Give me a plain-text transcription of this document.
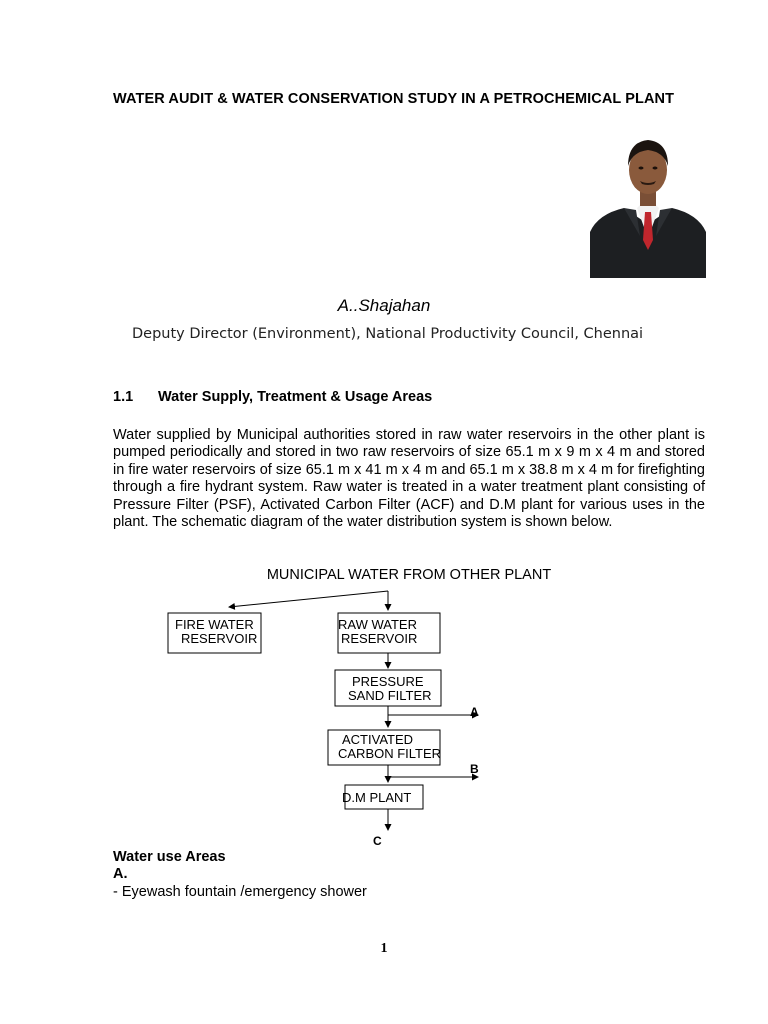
WATER AUDIT & WATER CONSERVATION STUDY IN A PETROCHEMICAL PLANT
A..Shajahan
Deputy Director (Environment), National Productivity Council, Chennai
1.1 Water Supply, Treatment & Usage Areas
Water supplied by Municipal authorities stored in raw water reservoirs in the other plant is pumped periodically and stored in two raw reservoirs of size 65.1 m x 9 m x 4 m and stored in fire water reservoirs of size 65.1 m x 41 m x 4 m and 65.1 m x 38.8 m x 4 m for firefighting through a fire hydrant system. Raw water is treated in a water treatment plant consisting of Pressure Filter (PSF), Activated Carbon Filter (ACF) and D.M plant for various uses in the plant. The schematic diagram of the water distribution system is shown below.
MUNICIPAL WATER FROM OTHER PLANT
FIRE WATER
RESERVOIR
RAW WATER
RESERVOIR
PRESSURE
SAND FILTER
ACTIVATED
CARBON FILTER
D.M PLANT
A
B
C
Water use Areas
A.
- Eyewash fountain /emergency shower
1
